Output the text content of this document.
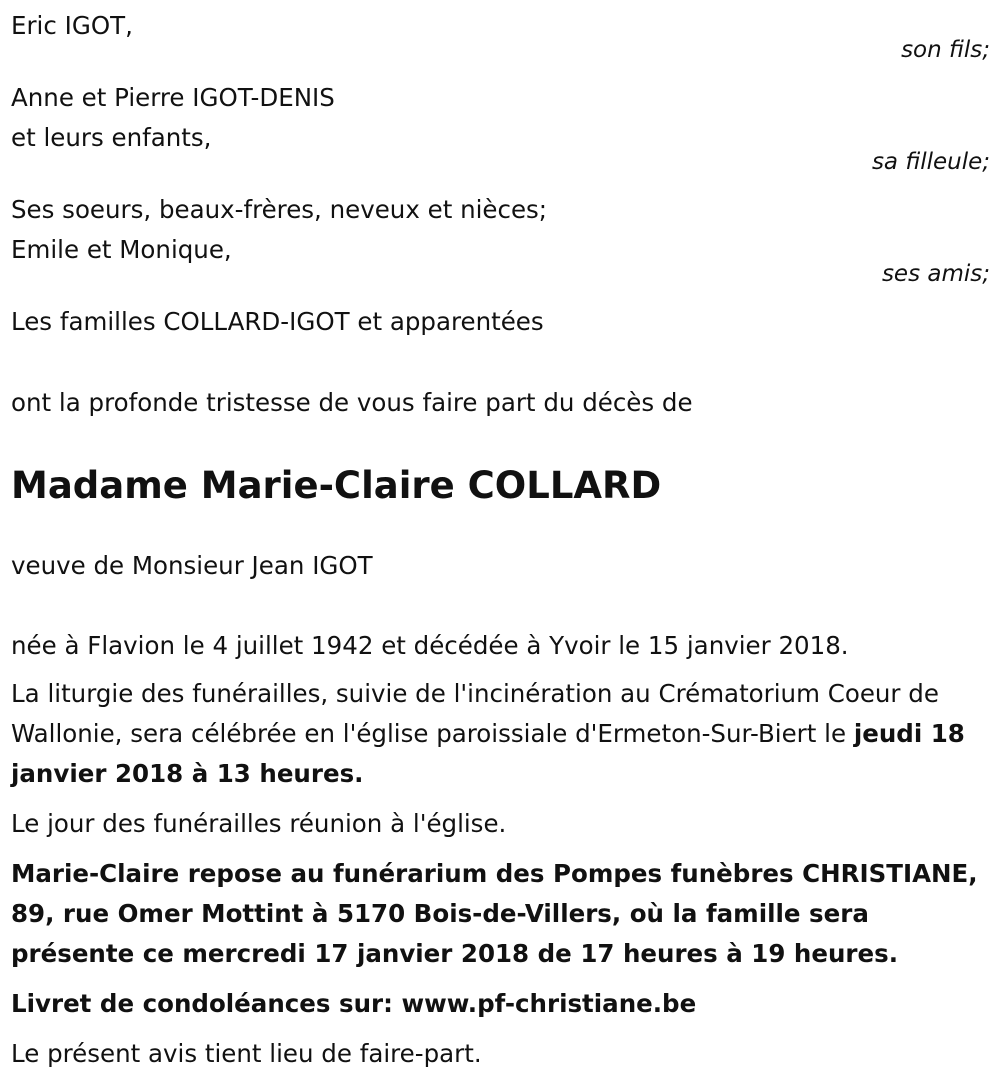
Eric IGOT,
son fils;
Anne et Pierre IGOT-DENIS
et leurs enfants,
sa filleule;
Ses soeurs, beaux-frères, neveux et nièces;
Emile et Monique,
ses amis;
Les familles COLLARD-IGOT et apparentées
ont la profonde tristesse de vous faire part du décès de
Madame Marie-Claire COLLARD
veuve de Monsieur Jean IGOT
née à Flavion le 4 juillet 1942 et décédée à Yvoir le 15 janvier 2018.

La liturgie des funérailles, suivie de l'incinération au Crématorium Coeur de Wallonie, sera célébrée en l'église paroissiale d'Ermeton-Sur-Biert le jeudi 18 janvier 2018 à 13 heures.

Le jour des funérailles réunion à l'église.

Marie-Claire repose au funérarium des Pompes funèbres CHRISTIANE, 89, rue Omer Mottint à 5170 Bois-de-Villers, où la famille sera présente ce mercredi 17 janvier 2018 de 17 heures à 19 heures.

Livret de condoléances sur: www.pf-christiane.be
Le présent avis tient lieu de faire-part.
